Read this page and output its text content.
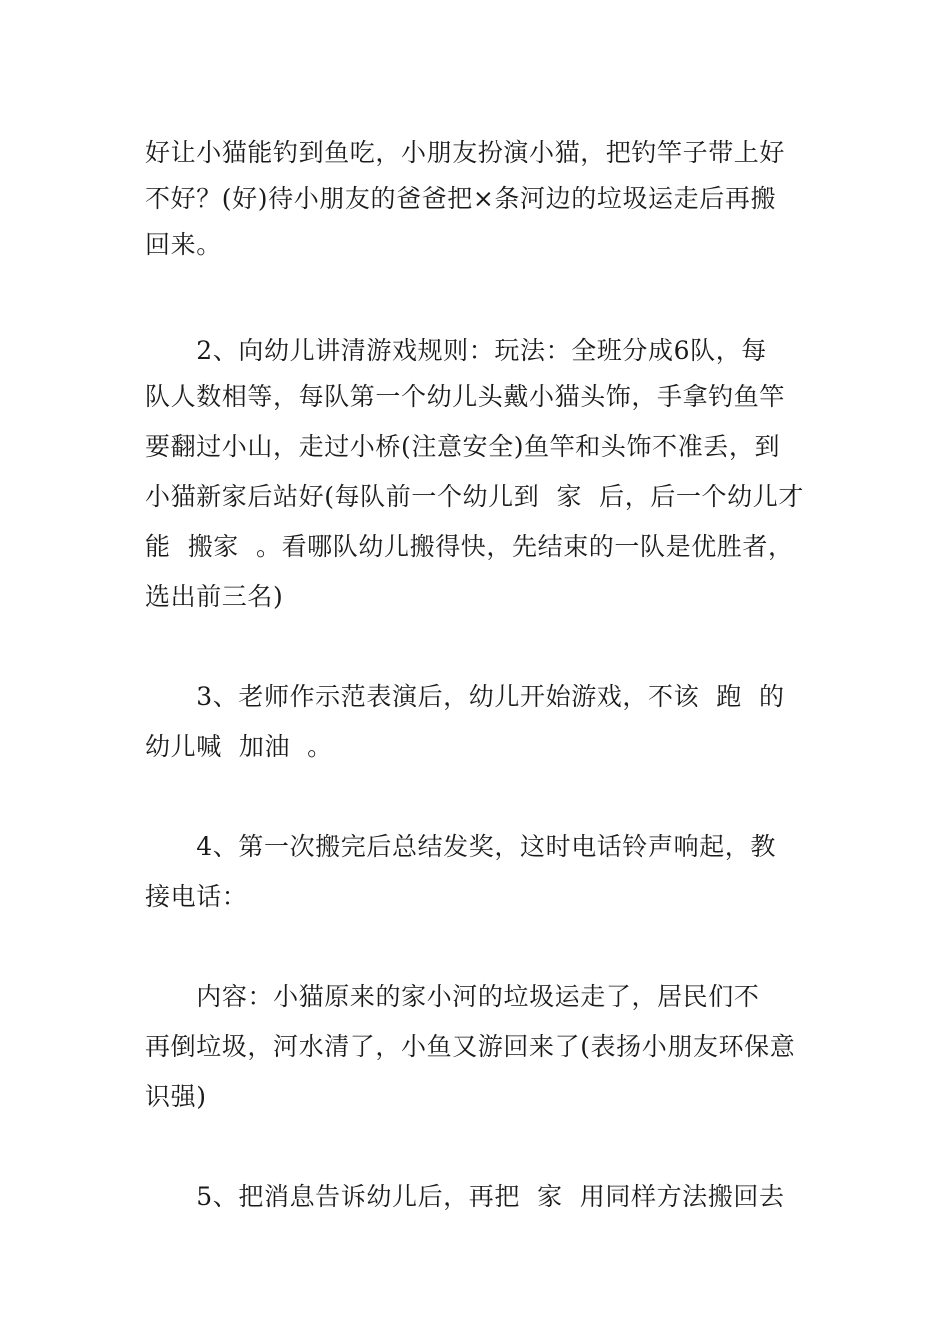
好让小猫能钓到鱼吃，小朋友扮演小猫，把钓竿子带上好
不好？(好)待小朋友的爸爸把×条河边的垃圾运走后再搬
回来。
2、向幼儿讲清游戏规则：玩法：全班分成6队，每
队人数相等，每队第一个幼儿头戴小猫头饰，手拿钓鱼竿
要翻过小山，走过小桥(注意安全)鱼竿和头饰不准丢，到
小猫新家后站好(每队前一个幼儿到  家  后，后一个幼儿才
能  搬家  。看哪队幼儿搬得快，先结束的一队是优胜者，
选出前三名)
3、老师作示范表演后，幼儿开始游戏，不该  跑  的
幼儿喊  加油  。
4、第一次搬完后总结发奖，这时电话铃声响起，教
接电话：
内容：小猫原来的家小河的垃圾运走了，居民们不
再倒垃圾，河水清了，小鱼又游回来了(表扬小朋友环保意
识强)
5、把消息告诉幼儿后，再把  家  用同样方法搬回去
